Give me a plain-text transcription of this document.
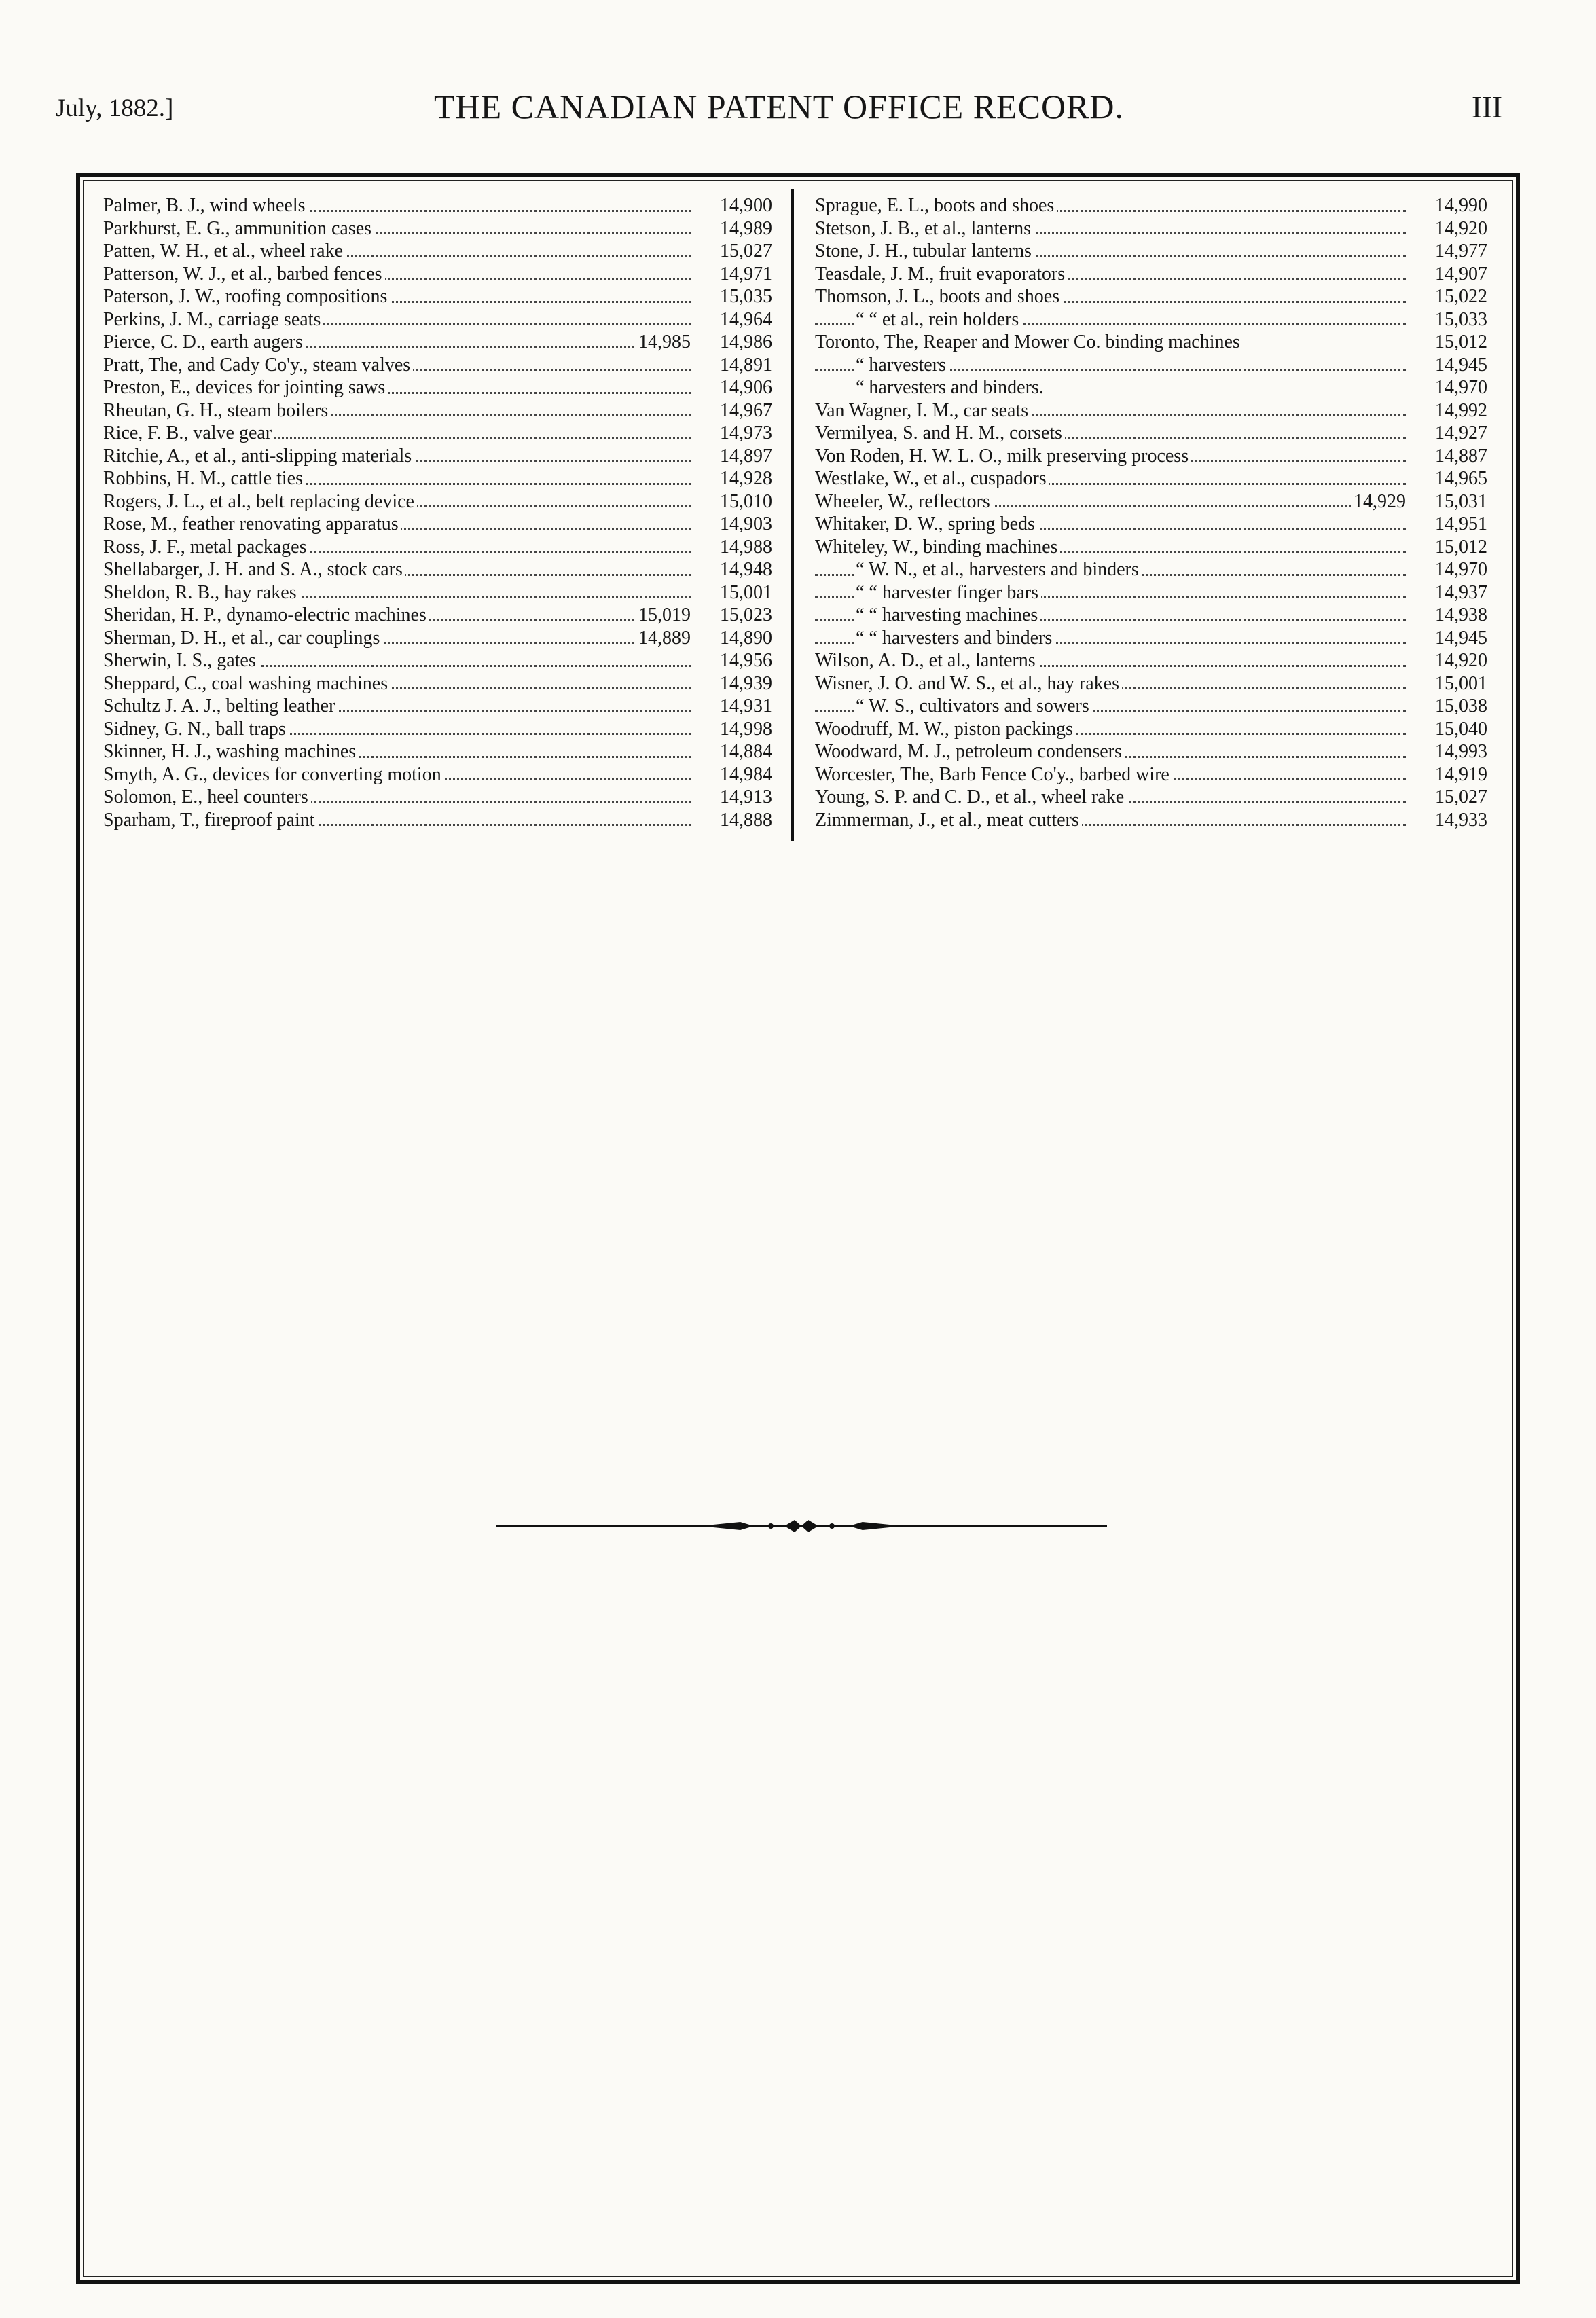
July, 1882.]	THE CANADIAN PATENT OFFICE RECORD.	III
Palmer, B. J., wind wheels	14,900
Parkhurst, E. G., ammunition cases	14,989
Patten, W. H., et al., wheel rake	15,027
Patterson, W. J., et al., barbed fences	14,971
Paterson, J. W., roofing compositions	15,035
Perkins, J. M., carriage seats	14,964
Pierce, C. D., earth augers	14,985	14,986
Pratt, The, and Cady Co'y., steam valves	14,891
Preston, E., devices for jointing saws	14,906
Rheutan, G. H., steam boilers	14,967
Rice, F. B., valve gear	14,973
Ritchie, A., et al., anti-slipping materials	14,897
Robbins, H. M., cattle ties	14,928
Rogers, J. L., et al., belt replacing device	15,010
Rose, M., feather renovating apparatus	14,903
Ross, J. F., metal packages	14,988
Shellabarger, J. H. and S. A., stock cars	14,948
Sheldon, R. B., hay rakes	15,001
Sheridan, H. P., dynamo-electric machines	15,019	15,023
Sherman, D. H., et al., car couplings	14,889	14,890
Sherwin, I. S., gates	14,956
Sheppard, C., coal washing machines	14,939
Schultz J. A. J., belting leather	14,931
Sidney, G. N., ball traps	14,998
Skinner, H. J., washing machines	14,884
Smyth, A. G., devices for converting motion	14,984
Solomon, E., heel counters	14,913
Sparham, T., fireproof paint	14,888
Sprague, E. L., boots and shoes	14,990
Stetson, J. B., et al., lanterns	14,920
Stone, J. H., tubular lanterns	14,977
Teasdale, J. M., fruit evaporators	14,907
Thomson, J. L., boots and shoes	15,022
“ “ et al., rein holders	15,033
Toronto, The, Reaper and Mower Co. binding machines	15,012
“ harvesters	14,945
“ harvesters and binders.	14,970
Van Wagner, I. M., car seats	14,992
Vermilyea, S. and H. M., corsets	14,927
Von Roden, H. W. L. O., milk preserving process	14,887
Westlake, W., et al., cuspadors	14,965
Wheeler, W., reflectors	14,929	15,031
Whitaker, D. W., spring beds	14,951
Whiteley, W., binding machines	15,012
“ W. N., et al., harvesters and binders	14,970
“ “ harvester finger bars	14,937
“ “ harvesting machines	14,938
“ “ harvesters and binders	14,945
Wilson, A. D., et al., lanterns	14,920
Wisner, J. O. and W. S., et al., hay rakes	15,001
“ W. S., cultivators and sowers	15,038
Woodruff, M. W., piston packings	15,040
Woodward, M. J., petroleum condensers	14,993
Worcester, The, Barb Fence Co'y., barbed wire	14,919
Young, S. P. and C. D., et al., wheel rake	15,027
Zimmerman, J., et al., meat cutters	14,933
